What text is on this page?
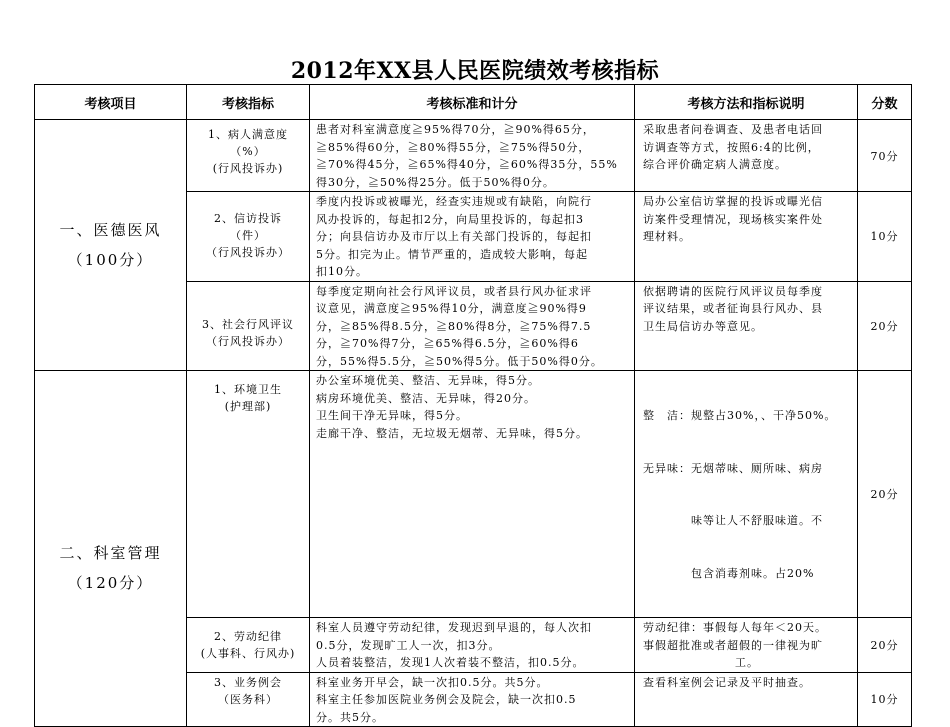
2012年XX县人民医院绩效考核指标
考核项目	考核指标	考核标准和计分	考核方法和指标说明	分数

一、医德医风
（100分）	1、病人满意度
（%）
(行风投诉办)	患者对科室满意度≧95%得70分，≧90%得65分，
≧85%得60分，≧80%得55分，≧75%得50分，
≧70%得45分，≧65%得40分，≧60%得35分，55%
得30分，≧50%得25分。低于50%得0分。	采取患者问卷调查、及患者电话回
访调查等方式，按照6:4的比例，
综合评价确定病人满意度。	70分

	2、信访投诉
（件）
（行风投诉办）	季度内投诉或被曝光，经查实违规或有缺陷，向院行
风办投诉的，每起扣2分，向局里投诉的，每起扣3
分；向县信访办及市厅以上有关部门投诉的，每起扣
5分。扣完为止。情节严重的，造成较大影响，每起
扣10分。	局办公室信访掌握的投诉或曝光信
访案件受理情况，现场核实案件处
理材料。	10分

	3、社会行风评议
（行风投诉办）	每季度定期向社会行风评议员，或者县行风办征求评
议意见，满意度≧95%得10分，满意度≧90%得9
分，≧85%得8.5分，≧80%得8分，≧75%得7.5
分，≧70%得7分，≧65%得6.5分，≧60%得6
分，55%得5.5分，≧50%得5分。低于50%得0分。	依据聘请的医院行风评议员每季度
评议结果，或者征询县行风办、县
卫生局信访办等意见。	20分

二、科室管理
（120分）	1、环境卫生
(护理部)	办公室环境优美、整洁、无异味，得5分。
病房环境优美、整洁、无异味，得20分。
卫生间干净无异味，得5分。
走廊干净、整洁，无垃圾无烟蒂、无异味，得5分。	整　洁：规整占30%，、干净50%。

无异味：无烟蒂味、厕所味、病房

　　　　味等让人不舒服味道。不

　　　　包含消毒剂味。占20%	20分

	2、劳动纪律
(人事科、行风办)	科室人员遵守劳动纪律，发现迟到早退的，每人次扣
0.5分，发现旷工人一次，扣3分。
人员着装整洁，发现1人次着装不整洁，扣0.5分。	劳动纪律：事假每人每年＜20天。
事假超批准或者超假的一律视为旷
工。	20分

	3、业务例会
（医务科）	科室业务开早会，缺一次扣0.5分。共5分。
科室主任参加医院业务例会及院会，缺一次扣0.5
分。共5分。	查看科室例会记录及平时抽查。	10分
